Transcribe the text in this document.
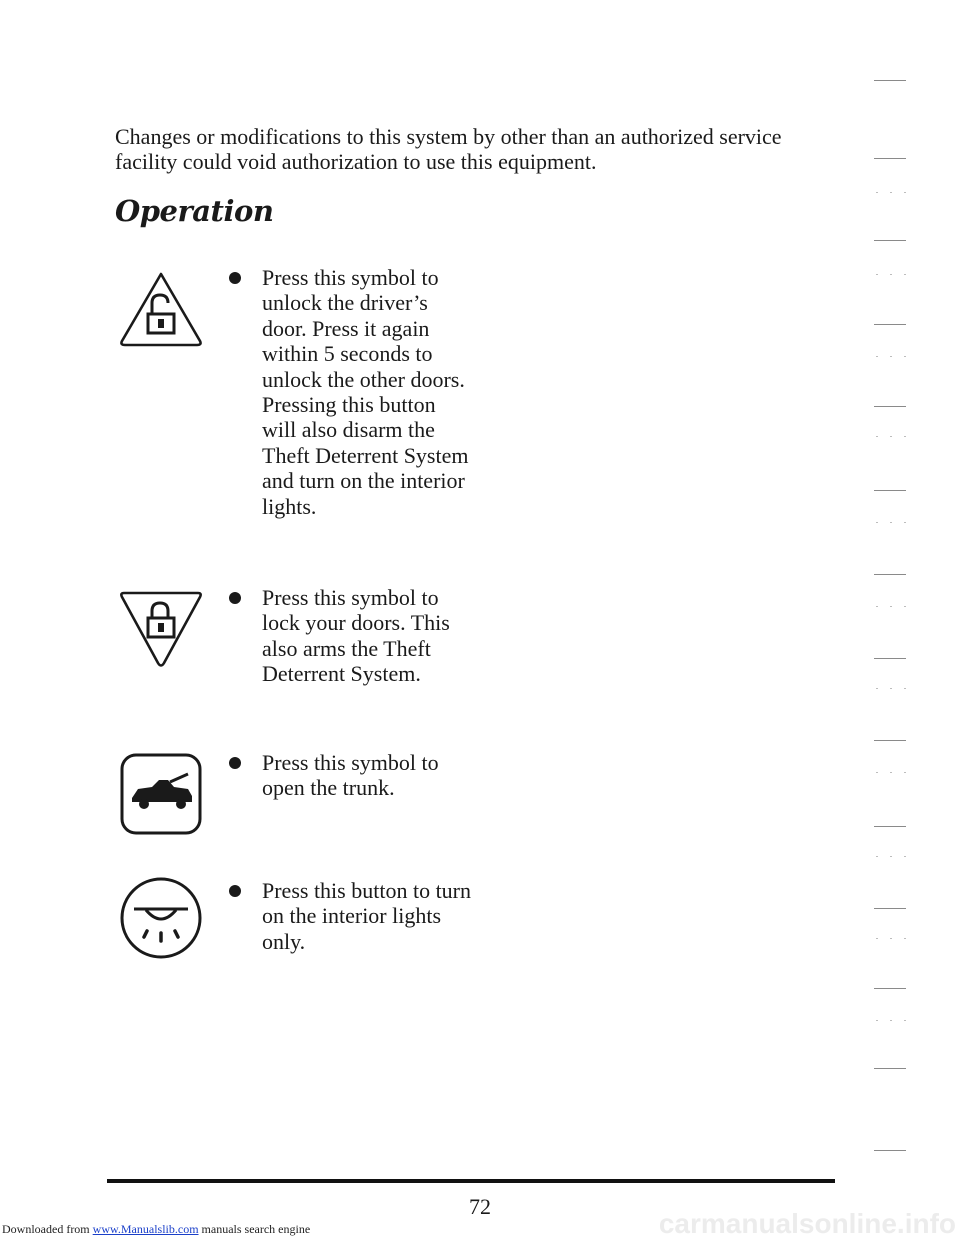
Changes or modifications to this system by other than an authorized service facility could void authorization to use this equipment.

Operation

Press this symbol to unlock the driver’s door. Press it again within 5 seconds to unlock the other doors. Pressing this button will also disarm the Theft Deterrent System and turn on the interior lights.

Press this symbol to lock your doors. This also arms the Theft Deterrent System.

Press this symbol to open the trunk.

Press this button to turn on the interior lights only.

72
Downloaded from www.Manualslib.com manuals search engine	carmanualsonline.info
